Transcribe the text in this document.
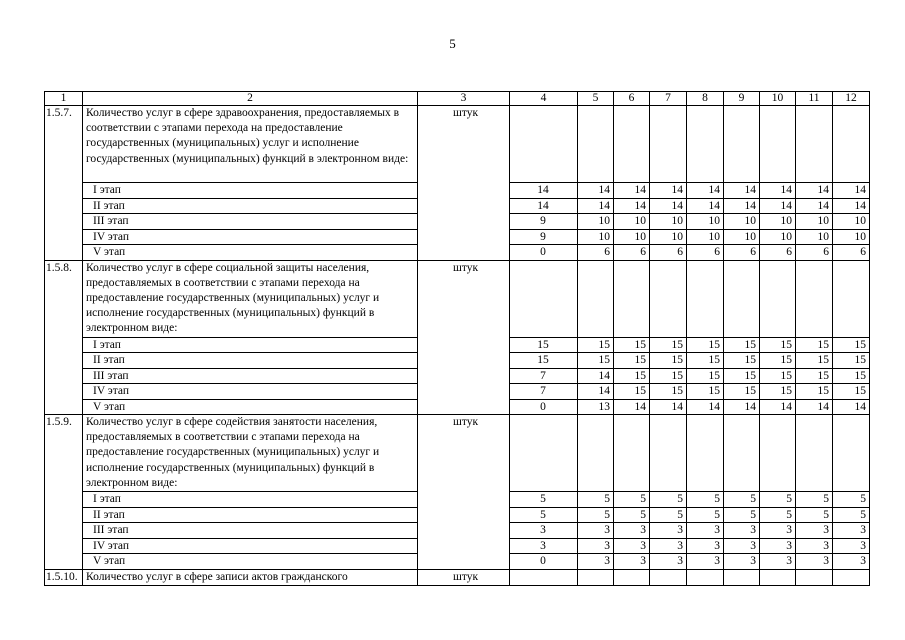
5
1	2	3	4	5	6	7	8	9	10	11	12
1.5.7.	Количество услуг в сфере здравоохранения, предоставляемых в соответствии с этапами перехода на предоставление государственных (муниципальных) услуг и исполнение государственных (муниципальных) функций в электронном виде:	штук									
	I этап		14	14	14	14	14	14	14	14	14
	II этап		14	14	14	14	14	14	14	14	14
	III этап		9	10	10	10	10	10	10	10	10
	IV этап		9	10	10	10	10	10	10	10	10
	V этап		0	6	6	6	6	6	6	6	6
1.5.8.	Количество услуг в сфере социальной защиты населения, предоставляемых в соответствии с этапами перехода на предоставление государственных (муниципальных) услуг и исполнение государственных (муниципальных) функций в электронном виде:	штук									
	I этап		15	15	15	15	15	15	15	15	15
	II этап		15	15	15	15	15	15	15	15	15
	III этап		7	14	15	15	15	15	15	15	15
	IV этап		7	14	15	15	15	15	15	15	15
	V этап		0	13	14	14	14	14	14	14	14
1.5.9.	Количество услуг в сфере содействия занятости населения, предоставляемых в соответствии с этапами перехода на предоставление государственных (муниципальных) услуг и исполнение государственных (муниципальных) функций в электронном виде:	штук									
	I этап		5	5	5	5	5	5	5	5	5
	II этап		5	5	5	5	5	5	5	5	5
	III этап		3	3	3	3	3	3	3	3	3
	IV этап		3	3	3	3	3	3	3	3	3
	V этап		0	3	3	3	3	3	3	3	3
1.5.10.	Количество услуг в сфере записи актов гражданского	штук									
